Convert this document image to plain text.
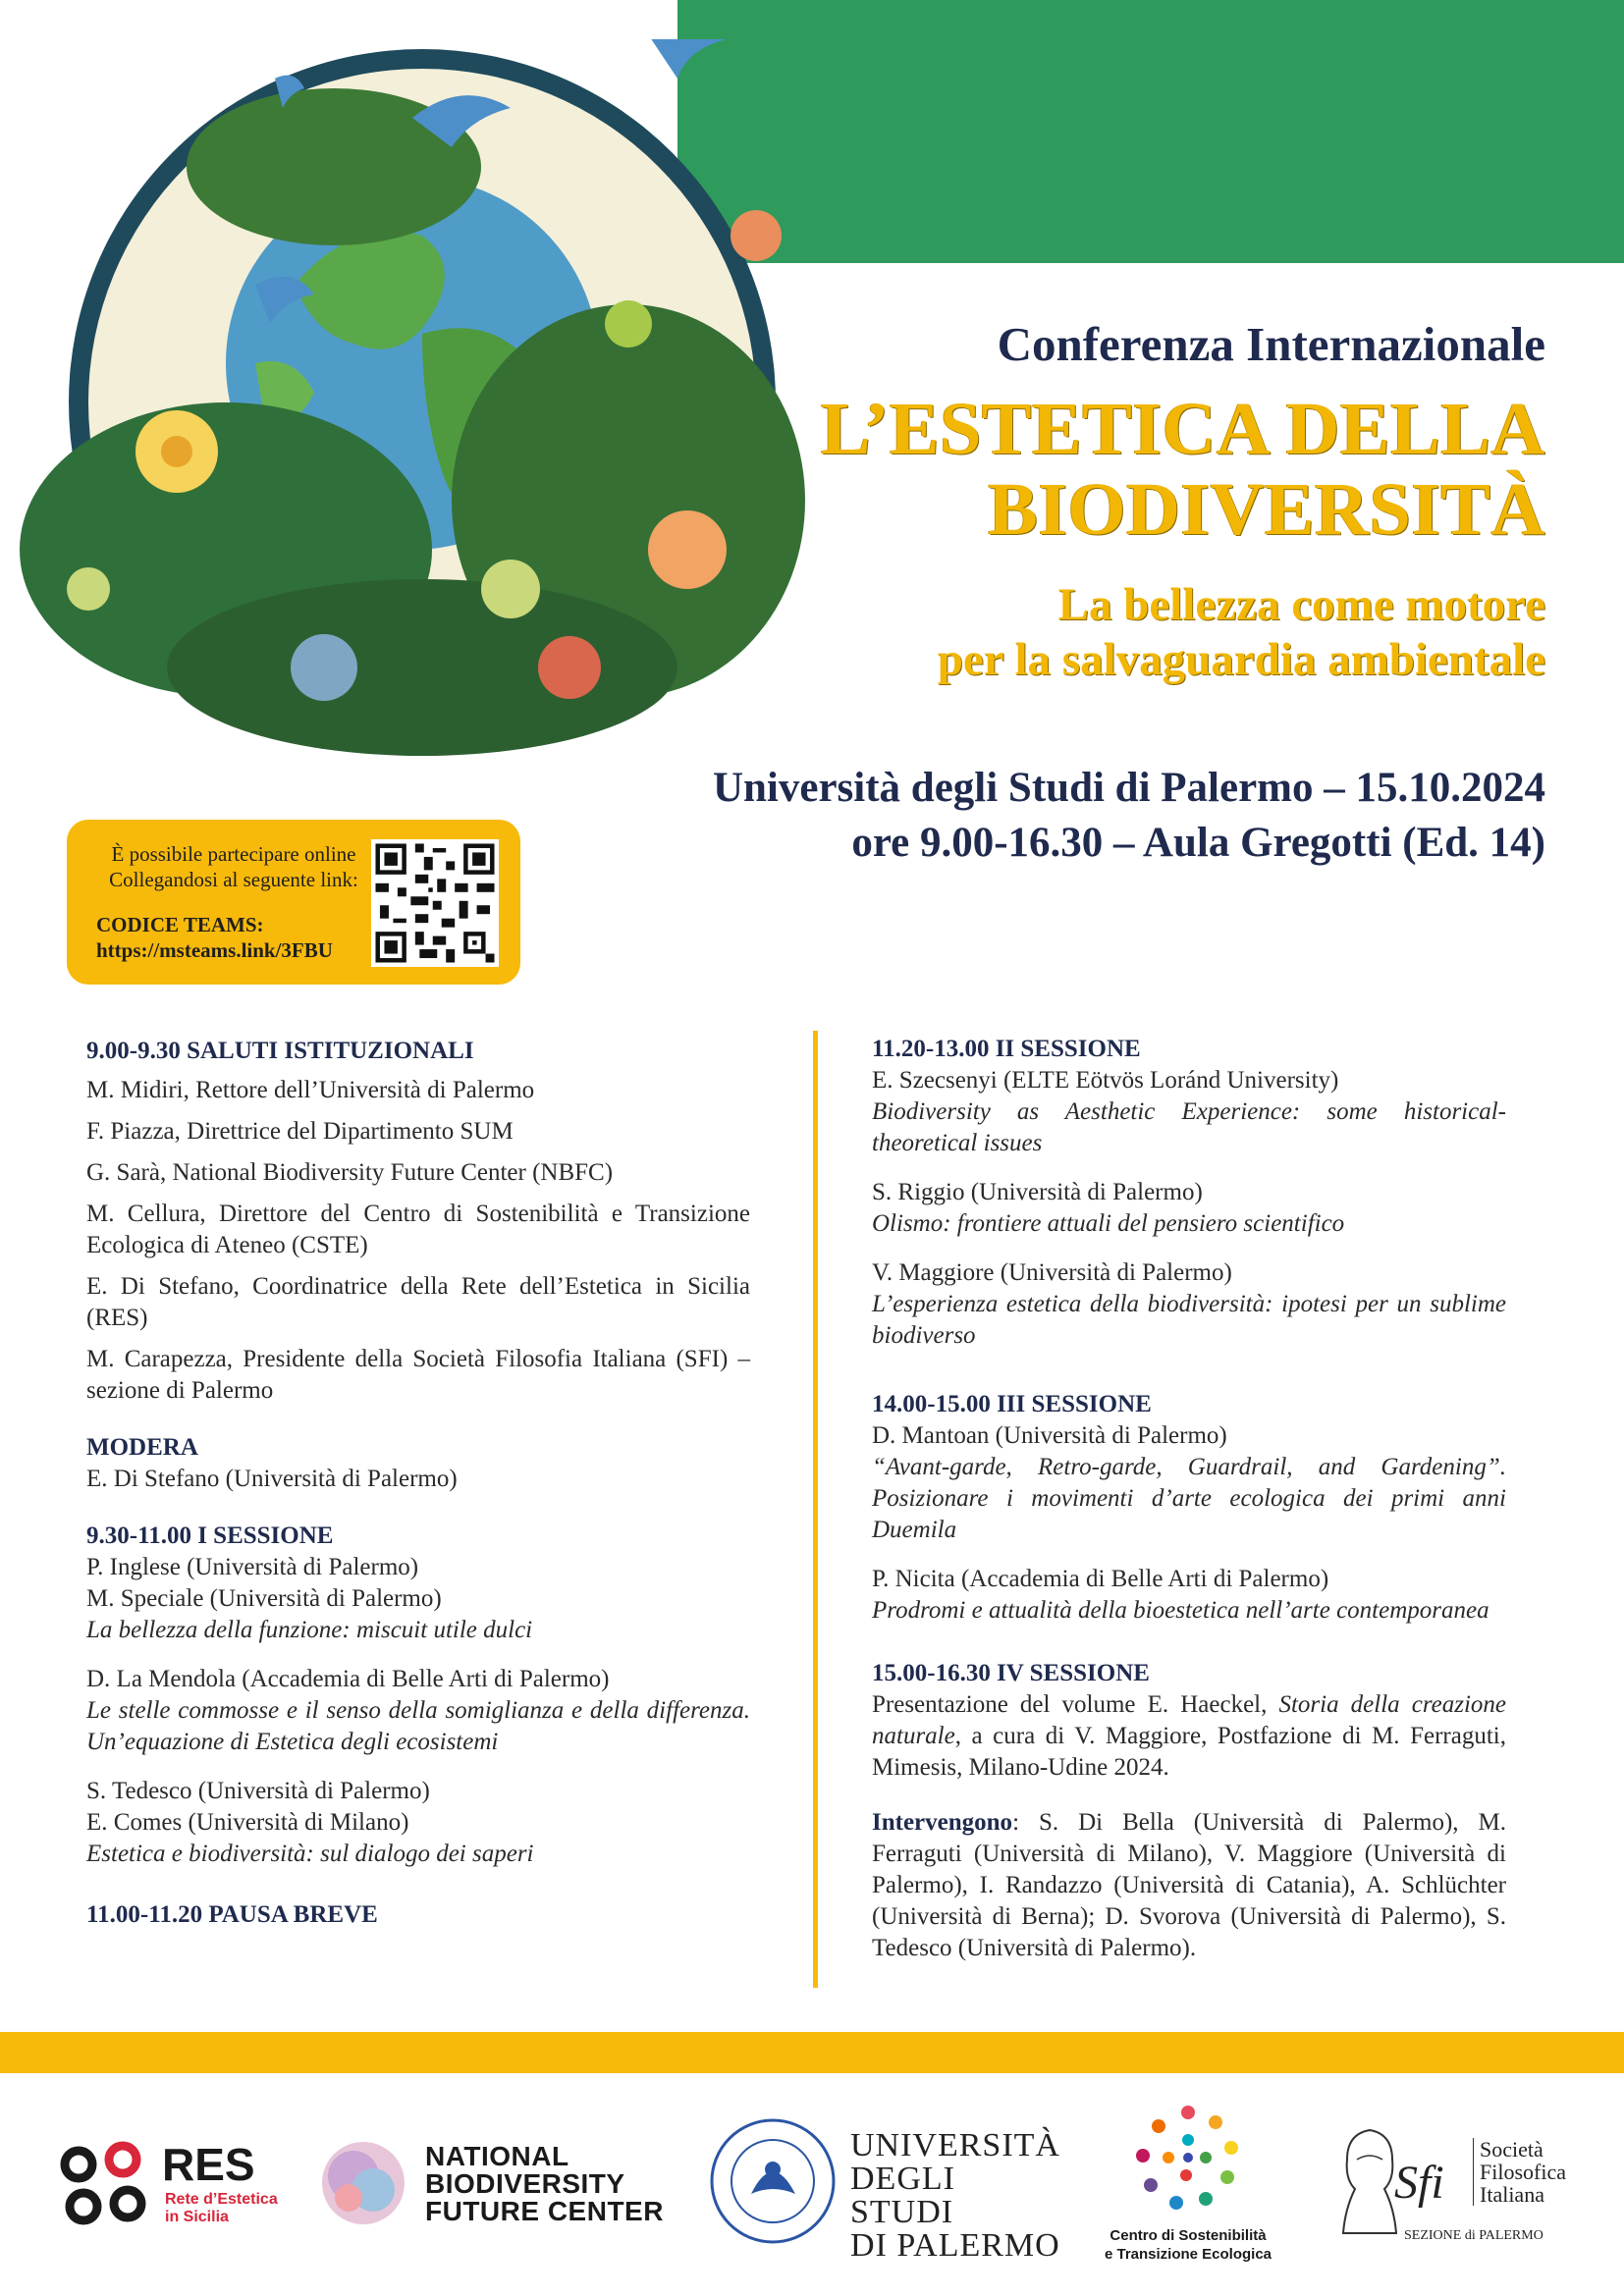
Conferenza Internazionale
L’ESTETICA DELLA
BIODIVERSITÀ
La bellezza come motore
per la salvaguardia ambientale
Università degli Studi di Palermo – 15.10.2024
ore 9.00-16.30 – Aula Gregotti (Ed. 14)
È possibile partecipare online
Collegandosi al seguente link:
CODICE TEAMS:
https://msteams.link/3FBU
9.00-9.30 SALUTI ISTITUZIONALI

M. Midiri, Rettore dell’Università di Palermo

F. Piazza, Direttrice del Dipartimento SUM

G. Sarà, National Biodiversity Future Center (NBFC)

M. Cellura, Direttore del Centro di Sostenibilità e Transizione Ecologica di Ateneo (CSTE)

E. Di Stefano, Coordinatrice della Rete dell’Estetica in Sicilia (RES)

M. Carapezza, Presidente della Società Filosofia Italiana (SFI) – sezione di Palermo

MODERA
E. Di Stefano (Università di Palermo)
9.30-11.00 I SESSIONE
P. Inglese (Università di Palermo)
M. Speciale (Università di Palermo)

La bellezza della funzione: miscuit utile dulci

D. La Mendola (Accademia di Belle Arti di Palermo)

Le stelle commosse e il senso della somiglianza e della differenza. Un’equazione di Estetica degli ecosistemi

S. Tedesco (Università di Palermo)
E. Comes (Università di Milano)

Estetica e biodiversità: sul dialogo dei saperi

11.00-11.20 PAUSA BREVE
11.20-13.00 II SESSIONE
E. Szecsenyi (ELTE Eötvös Loránd University)

Biodiversity as Aesthetic Experience: some historical-theoretical issues

S. Riggio (Università di Palermo)

Olismo: frontiere attuali del pensiero scientifico

V. Maggiore (Università di Palermo)

L’esperienza estetica della biodiversità: ipotesi per un sublime biodiverso

14.00-15.00 III SESSIONE
D. Mantoan (Università di Palermo)

“Avant-garde, Retro-garde, Guardrail, and Gardening”. Posizionare i movimenti d’arte ecologica dei primi anni Duemila

P. Nicita (Accademia di Belle Arti di Palermo)

Prodromi e attualità della bioestetica nell’arte contemporanea

15.00-16.30 IV SESSIONE

Presentazione del volume E. Haeckel, Storia della creazione naturale, a cura di V. Maggiore, Postfazione di M. Ferraguti, Mimesis, Milano-Udine 2024.

Intervengono: S. Di Bella (Università di Palermo), M. Ferraguti (Università di Milano), V. Maggiore (Università di Palermo), I. Randazzo (Università di Catania), A. Schlüchter (Università di Berna); D. Svorova (Università di Palermo), S. Tedesco (Università di Palermo).

RES
Rete d’Estetica
in Sicilia
NATIONAL
BIODIVERSITY
FUTURE CENTER
UNIVERSITÀ
DEGLI STUDI
DI PALERMO	Centro di Sostenibilità
e Transizione Ecologica
Sfi
Società
Filosofica
Italiana
SEZIONE di PALERMO
